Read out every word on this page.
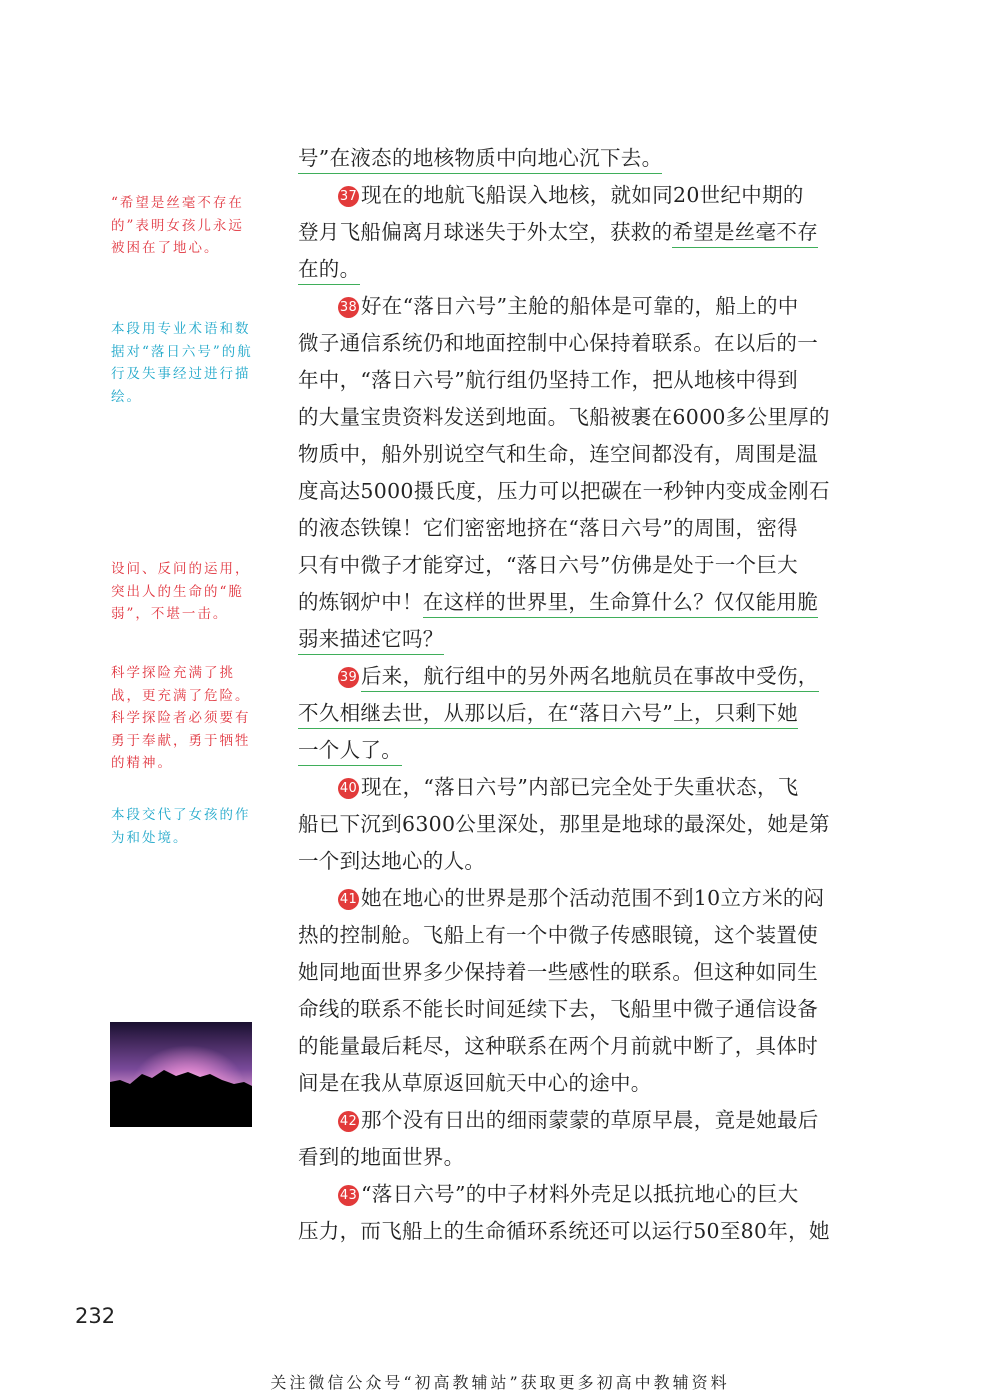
“希望是丝毫不存在的”表明女孩儿永远被困在了地心。
本段用专业术语和数据对“落日六号”的航行及失事经过进行描绘。
设问、反问的运用，突出人的生命的“脆弱”，不堪一击。
科学探险充满了挑战，更充满了危险。科学探险者必须要有勇于奉献，勇于牺牲的精神。
本段交代了女孩的作为和处境。
号”在液态的地核物质中向地心沉下去。
37 现在的地航飞船误入地核，就如同20世纪中期的
登月飞船偏离月球迷失于外太空，获救的希望是丝毫不存
在的。
38 好在“落日六号”主舱的船体是可靠的，船上的中
微子通信系统仍和地面控制中心保持着联系。在以后的一
年中，“落日六号”航行组仍坚持工作，把从地核中得到
的大量宝贵资料发送到地面。飞船被裹在6000多公里厚的
物质中，船外别说空气和生命，连空间都没有，周围是温
度高达5000摄氏度，压力可以把碳在一秒钟内变成金刚石
的液态铁镍！它们密密地挤在“落日六号”的周围，密得
只有中微子才能穿过，“落日六号”仿佛是处于一个巨大
的炼钢炉中！在这样的世界里，生命算什么？仅仅能用脆
弱来描述它吗？
39 后来，航行组中的另外两名地航员在事故中受伤，
不久相继去世，从那以后，在“落日六号”上，只剩下她
一个人了。
40 现在，“落日六号”内部已完全处于失重状态，飞
船已下沉到6300公里深处，那里是地球的最深处，她是第
一个到达地心的人。
41 她在地心的世界是那个活动范围不到10立方米的闷
热的控制舱。飞船上有一个中微子传感眼镜，这个装置使
她同地面世界多少保持着一些感性的联系。但这种如同生
命线的联系不能长时间延续下去，飞船里中微子通信设备
的能量最后耗尽，这种联系在两个月前就中断了，具体时
间是在我从草原返回航天中心的途中。
42 那个没有日出的细雨蒙蒙的草原早晨，竟是她最后
看到的地面世界。
43 “落日六号”的中子材料外壳足以抵抗地心的巨大
压力，而飞船上的生命循环系统还可以运行50至80年，她
232
关注微信公众号“初高教辅站”获取更多初高中教辅资料
